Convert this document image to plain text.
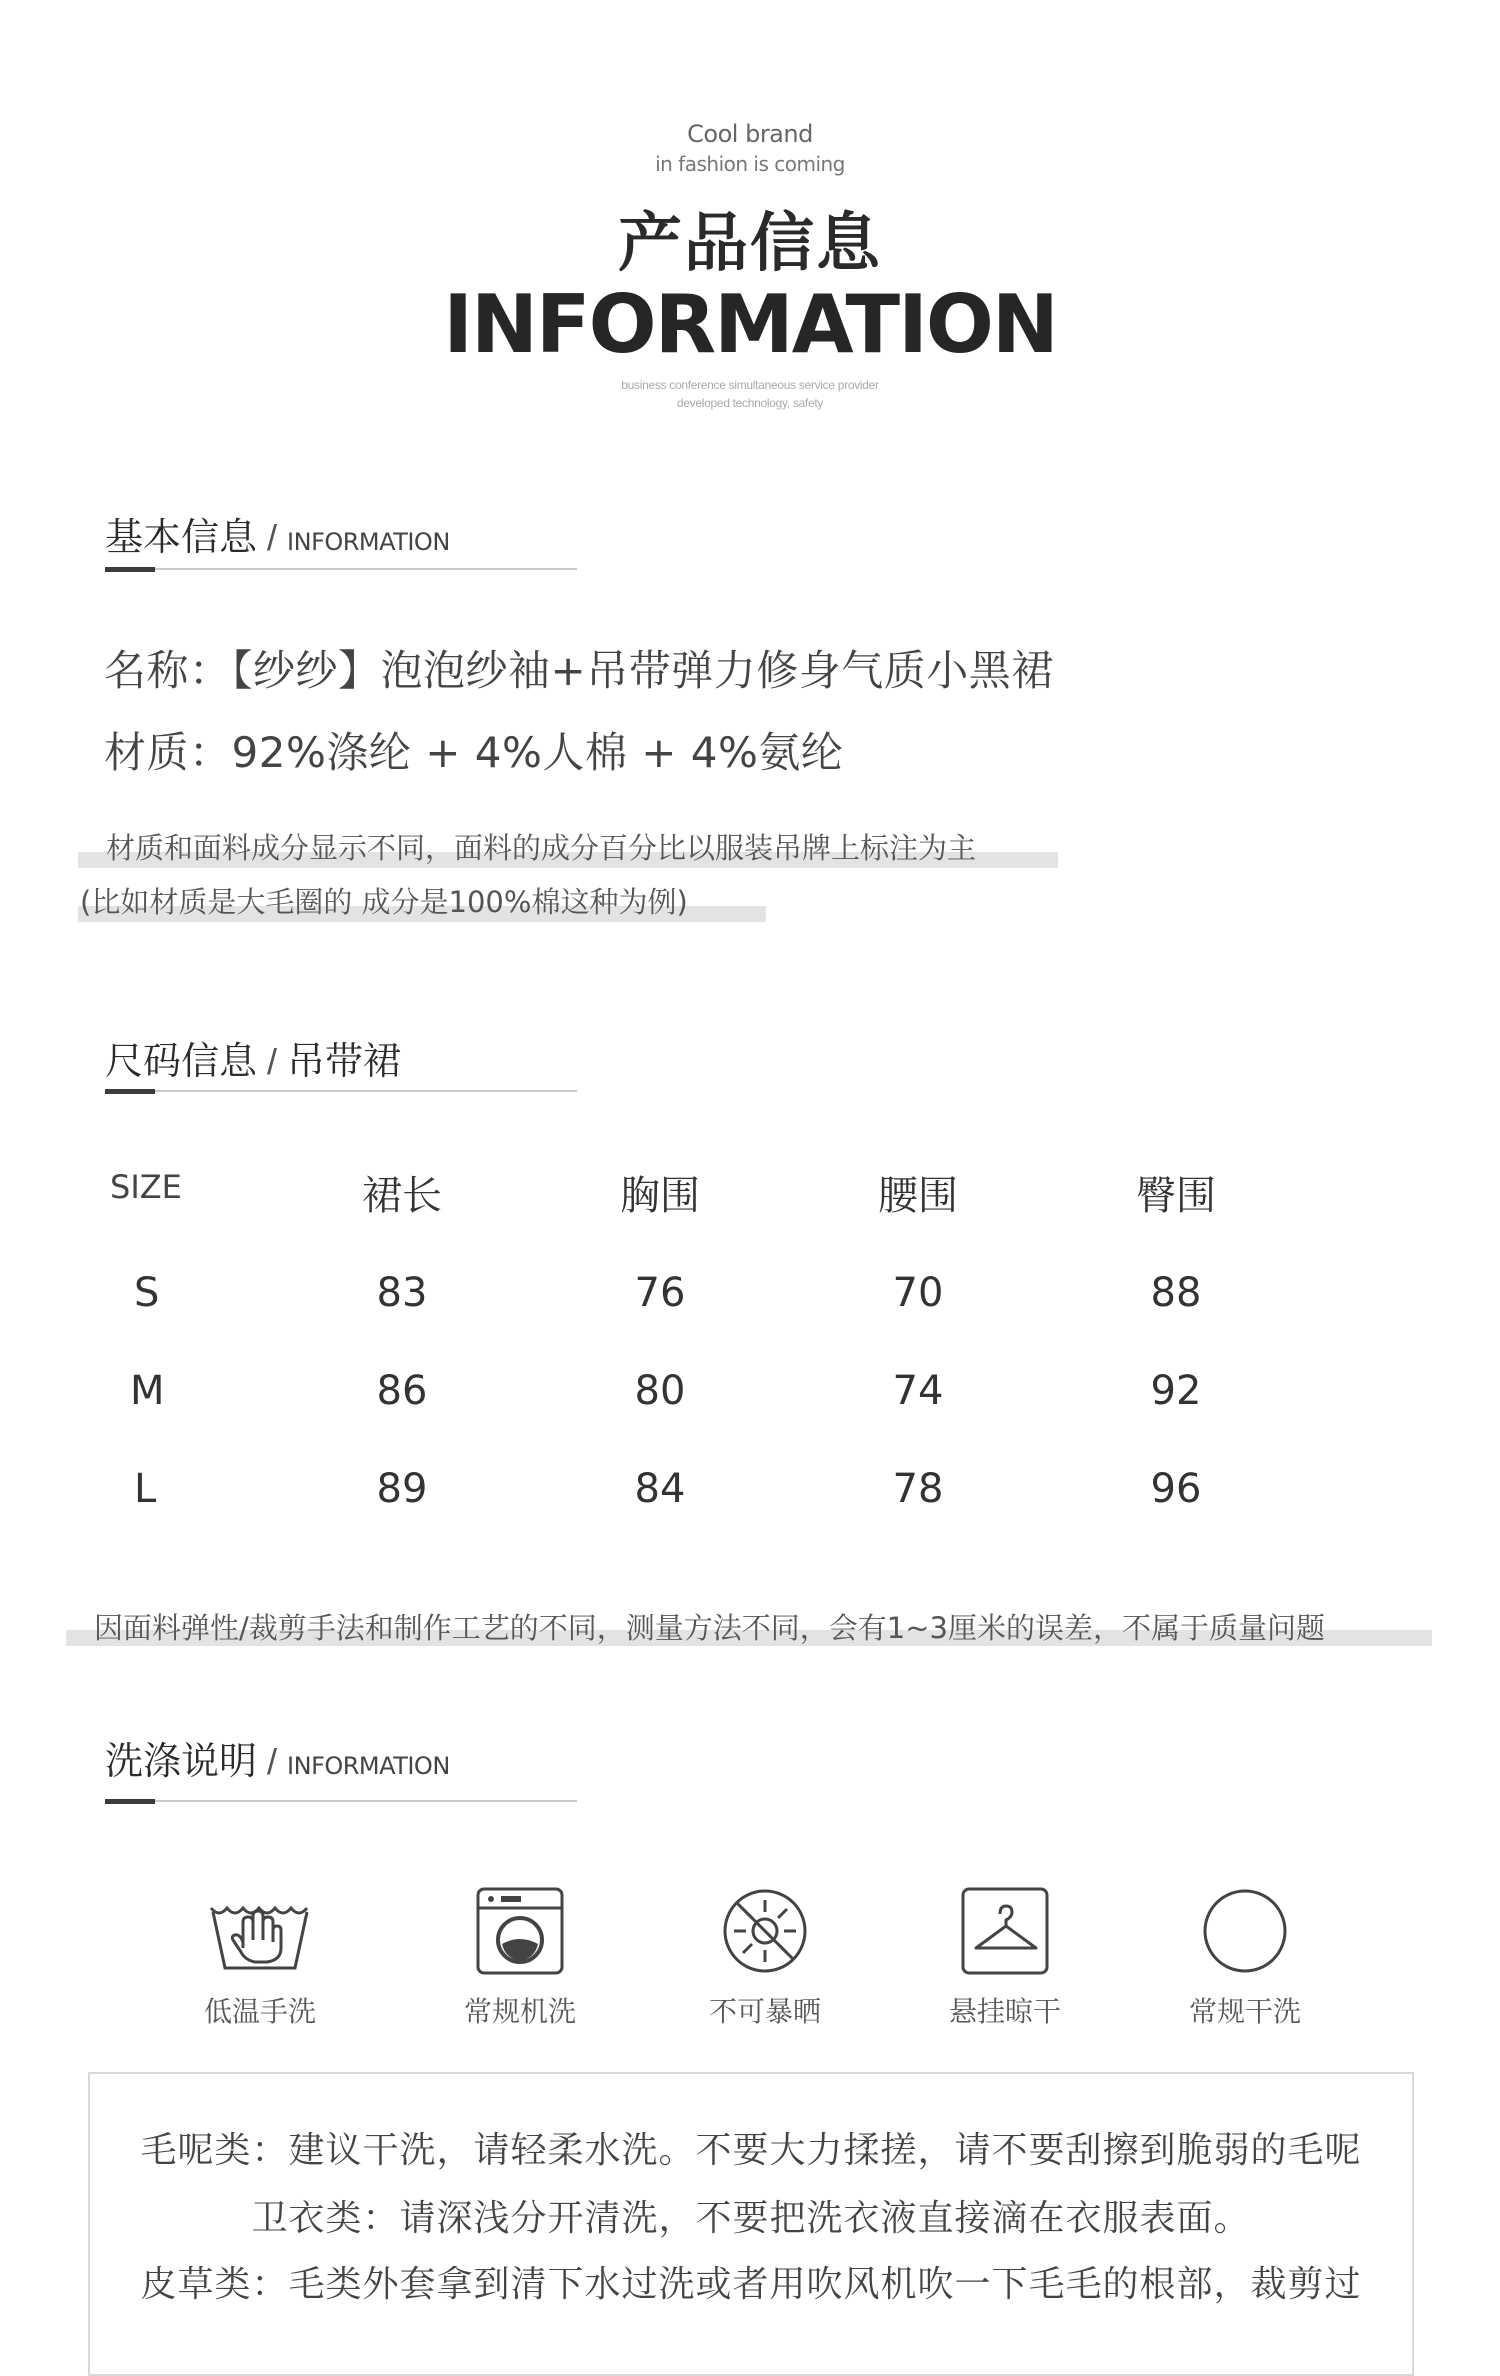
Cool brand
in fashion is coming
产品信息
INFORMATION
business conference simultaneous service provider
developed technology, safety
基本信息 / INFORMATION
名称：【纱纱】泡泡纱袖+吊带弹力修身气质小黑裙
材质：92%涤纶 + 4%人棉 + 4%氨纶
材质和面料成分显示不同，面料的成分百分比以服装吊牌上标注为主
(比如材质是大毛圈的 成分是100%棉这种为例)
尺码信息 / 吊带裙
SIZE	裙长	胸围	腰围	臀围
S	83	76	70	88
M	86	80	74	92
L	89	84	78	96
因面料弹性/裁剪手法和制作工艺的不同，测量方法不同，会有1~3厘米的误差，不属于质量问题
洗涤说明 / INFORMATION
低温手洗	常规机洗	不可暴晒	悬挂晾干	常规干洗
毛呢类：建议干洗，请轻柔水洗。不要大力揉搓，请不要刮擦到脆弱的毛呢
卫衣类：请深浅分开清洗，不要把洗衣液直接滴在衣服表面。
皮草类：毛类外套拿到清下水过洗或者用吹风机吹一下毛毛的根部，裁剪过
